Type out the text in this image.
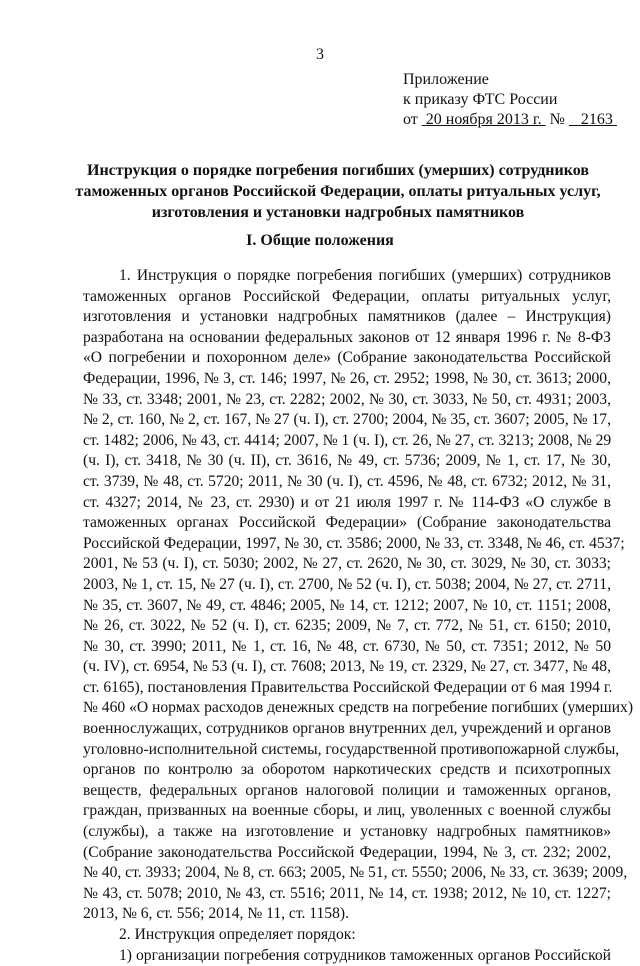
3
Приложение
к приказу ФТС России
от 20 ноября 2013 г. № 2163
Инструкция о порядке погребения погибших (умерших) сотрудников
таможенных органов Российской Федерации, оплаты ритуальных услуг,
изготовления и установки надгробных памятников
I. Общие положения
1. Инструкция о порядке погребения погибших (умерших) сотрудников
таможенных органов Российской Федерации, оплаты ритуальных услуг,
изготовления и установки надгробных памятников (далее – Инструкция)
разработана на основании федеральных законов от 12 января 1996 г. № 8-ФЗ
«О погребении и похоронном деле» (Собрание законодательства Российской
Федерации, 1996, № 3, ст. 146; 1997, № 26, ст. 2952; 1998, № 30, ст. 3613; 2000,
№ 33, ст. 3348; 2001, № 23, ст. 2282; 2002, № 30, ст. 3033, № 50, ст. 4931; 2003,
№ 2, ст. 160, № 2, ст. 167, № 27 (ч. I), ст. 2700; 2004, № 35, ст. 3607; 2005, № 17,
ст. 1482; 2006, № 43, ст. 4414; 2007, № 1 (ч. I), ст. 26, № 27, ст. 3213; 2008, № 29
(ч. I), ст. 3418, № 30 (ч. II), ст. 3616, № 49, ст. 5736; 2009, № 1, ст. 17, № 30,
ст. 3739, № 48, ст. 5720; 2011, № 30 (ч. I), ст. 4596, № 48, ст. 6732; 2012, № 31,
ст. 4327; 2014, № 23, ст. 2930) и от 21 июля 1997 г. № 114-ФЗ «О службе в
таможенных органах Российской Федерации» (Собрание законодательства
Российской Федерации, 1997, № 30, ст. 3586; 2000, № 33, ст. 3348, № 46, ст. 4537;
2001, № 53 (ч. I), ст. 5030; 2002, № 27, ст. 2620, № 30, ст. 3029, № 30, ст. 3033;
2003, № 1, ст. 15, № 27 (ч. I), ст. 2700, № 52 (ч. I), ст. 5038; 2004, № 27, ст. 2711,
№ 35, ст. 3607, № 49, ст. 4846; 2005, № 14, ст. 1212; 2007, № 10, ст. 1151; 2008,
№ 26, ст. 3022, № 52 (ч. I), ст. 6235; 2009, № 7, ст. 772, № 51, ст. 6150; 2010,
№ 30, ст. 3990; 2011, № 1, ст. 16, № 48, ст. 6730, № 50, ст. 7351; 2012, № 50
(ч. IV), ст. 6954, № 53 (ч. I), ст. 7608; 2013, № 19, ст. 2329, № 27, ст. 3477, № 48,
ст. 6165), постановления Правительства Российской Федерации от 6 мая 1994 г.
№ 460 «О нормах расходов денежных средств на погребение погибших (умерших)
военнослужащих, сотрудников органов внутренних дел, учреждений и органов
уголовно-исполнительной системы, государственной противопожарной службы,
органов по контролю за оборотом наркотических средств и психотропных
веществ, федеральных органов налоговой полиции и таможенных органов,
граждан, призванных на военные сборы, и лиц, уволенных с военной службы
(службы), а также на изготовление и установку надгробных памятников»
(Собрание законодательства Российской Федерации, 1994, № 3, ст. 232; 2002,
№ 40, ст. 3933; 2004, № 8, ст. 663; 2005, № 51, ст. 5550; 2006, № 33, ст. 3639; 2009,
№ 43, ст. 5078; 2010, № 43, ст. 5516; 2011, № 14, ст. 1938; 2012, № 10, ст. 1227;
2013, № 6, ст. 556; 2014, № 11, ст. 1158).
2. Инструкция определяет порядок:
1) организации погребения сотрудников таможенных органов Российской
